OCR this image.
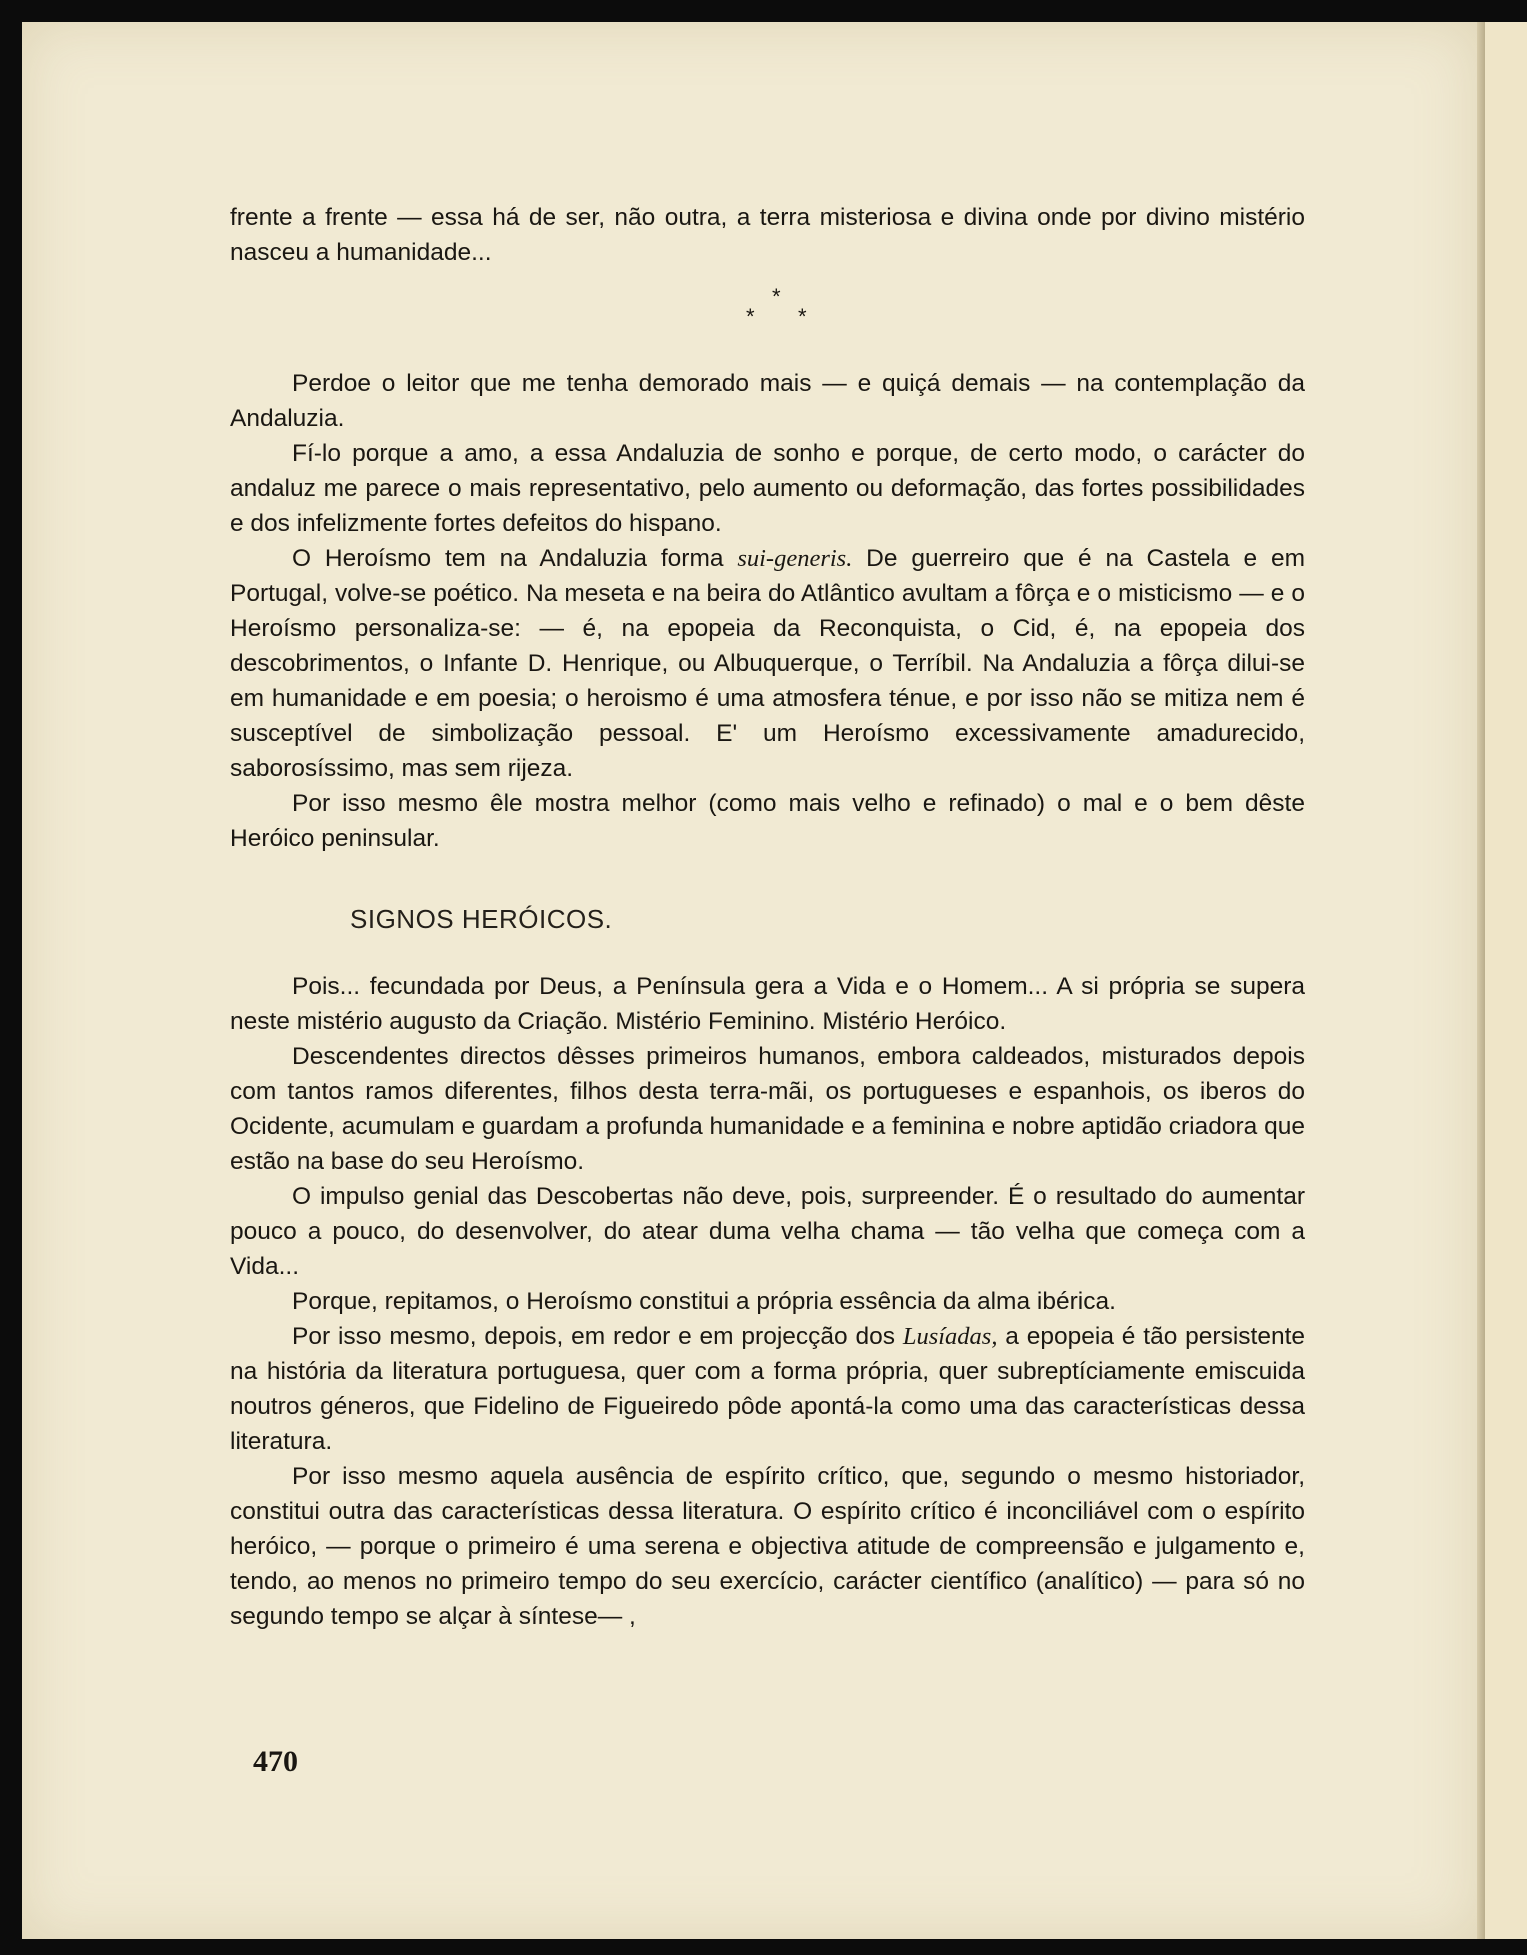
frente a frente — essa há de ser, não outra, a terra misteriosa e divina onde por divino mistério nasceu a humanidade...

*
* *

Perdoe o leitor que me tenha demorado mais — e quiçá demais — na contemplação da Andaluzia.

Fí-lo porque a amo, a essa Andaluzia de sonho e porque, de certo modo, o carácter do andaluz me parece o mais representativo, pelo aumento ou deformação, das fortes possibilidades e dos infelizmente fortes defeitos do hispano.

O Heroísmo tem na Andaluzia forma sui-generis. De guerreiro que é na Castela e em Portugal, volve-se poético. Na meseta e na beira do Atlântico avultam a fôrça e o misticismo — e o Heroísmo personaliza-se: — é, na epopeia da Reconquista, o Cid, é, na epopeia dos descobrimentos, o Infante D. Henrique, ou Albuquerque, o Terríbil. Na Andaluzia a fôrça dilui-se em humanidade e em poesia; o heroismo é uma atmosfera ténue, e por isso não se mitiza nem é susceptível de simbolização pessoal. E' um Heroísmo excessivamente amadurecido, saborosíssimo, mas sem rijeza.

Por isso mesmo êle mostra melhor (como mais velho e refinado) o mal e o bem dêste Heróico peninsular.

SIGNOS HERÓICOS.

Pois... fecundada por Deus, a Península gera a Vida e o Homem... A si própria se supera neste mistério augusto da Criação. Mistério Feminino. Mistério Heróico.

Descendentes directos dêsses primeiros humanos, embora caldeados, misturados depois com tantos ramos diferentes, filhos desta terra-mãi, os portugueses e espanhois, os iberos do Ocidente, acumulam e guardam a profunda humanidade e a feminina e nobre aptidão criadora que estão na base do seu Heroísmo.

O impulso genial das Descobertas não deve, pois, surpreender. É o resultado do aumentar pouco a pouco, do desenvolver, do atear duma velha chama — tão velha que começa com a Vida...

Porque, repitamos, o Heroísmo constitui a própria essência da alma ibérica.

Por isso mesmo, depois, em redor e em projecção dos Lusíadas, a epopeia é tão persistente na história da literatura portuguesa, quer com a forma própria, quer subreptíciamente emiscuida noutros géneros, que Fidelino de Figueiredo pôde apontá-la como uma das características dessa literatura.

Por isso mesmo aquela ausência de espírito crítico, que, segundo o mesmo historiador, constitui outra das características dessa literatura. O espírito crítico é inconciliável com o espírito heróico, — porque o primeiro é uma serena e objectiva atitude de compreensão e julgamento e, tendo, ao menos no primeiro tempo do seu exercício, carácter científico (analítico) — para só no segundo tempo se alçar à síntese— ,

470
